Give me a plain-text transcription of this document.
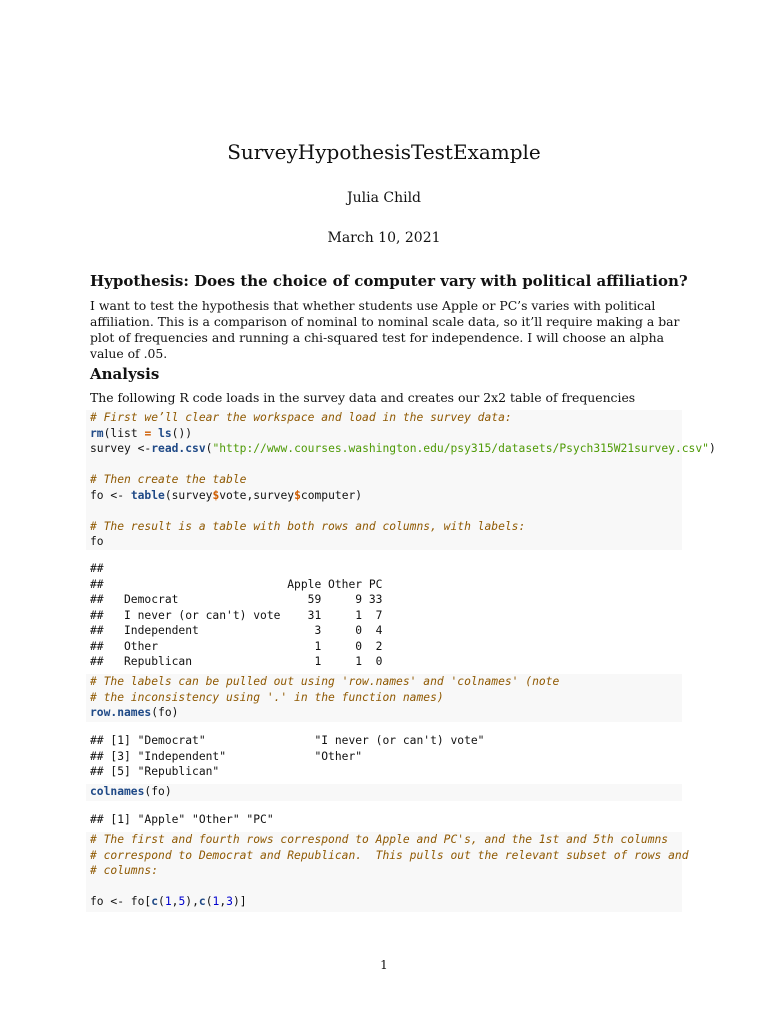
SurveyHypothesisTestExample
Julia Child
March 10, 2021
Hypothesis: Does the choice of computer vary with political affiliation?
I want to test the hypothesis that whether students use Apple or PC’s varies with political affiliation. This is a comparison of nominal to nominal scale data, so it’ll require making a bar plot of frequencies and running a chi-squared test for independence. I will choose an alpha value of .05.
Analysis
The following R code loads in the survey data and creates our 2x2 table of frequencies
# First we’ll clear the workspace and load in the survey data:
rm(list = ls())
survey <-read.csv("http://www.courses.washington.edu/psy315/datasets/Psych315W21survey.csv")

# Then create the table
fo <- table(survey$vote,survey$computer)

# The result is a table with both rows and columns, with labels:
fo
##
##                           Apple Other PC
##   Democrat                   59     9 33
##   I never (or can't) vote    31     1  7
##   Independent                 3     0  4
##   Other                       1     0  2
##   Republican                  1     1  0
# The labels can be pulled out using 'row.names' and 'colnames' (note
# the inconsistency using '.' in the function names)
row.names(fo)
## [1] "Democrat"                "I never (or can't) vote"
## [3] "Independent"             "Other"
## [5] "Republican"
colnames(fo)
## [1] "Apple" "Other" "PC"
# The first and fourth rows correspond to Apple and PC's, and the 1st and 5th columns
# correspond to Democrat and Republican.  This pulls out the relevant subset of rows and
# columns:

fo <- fo[c(1,5),c(1,3)]
1
